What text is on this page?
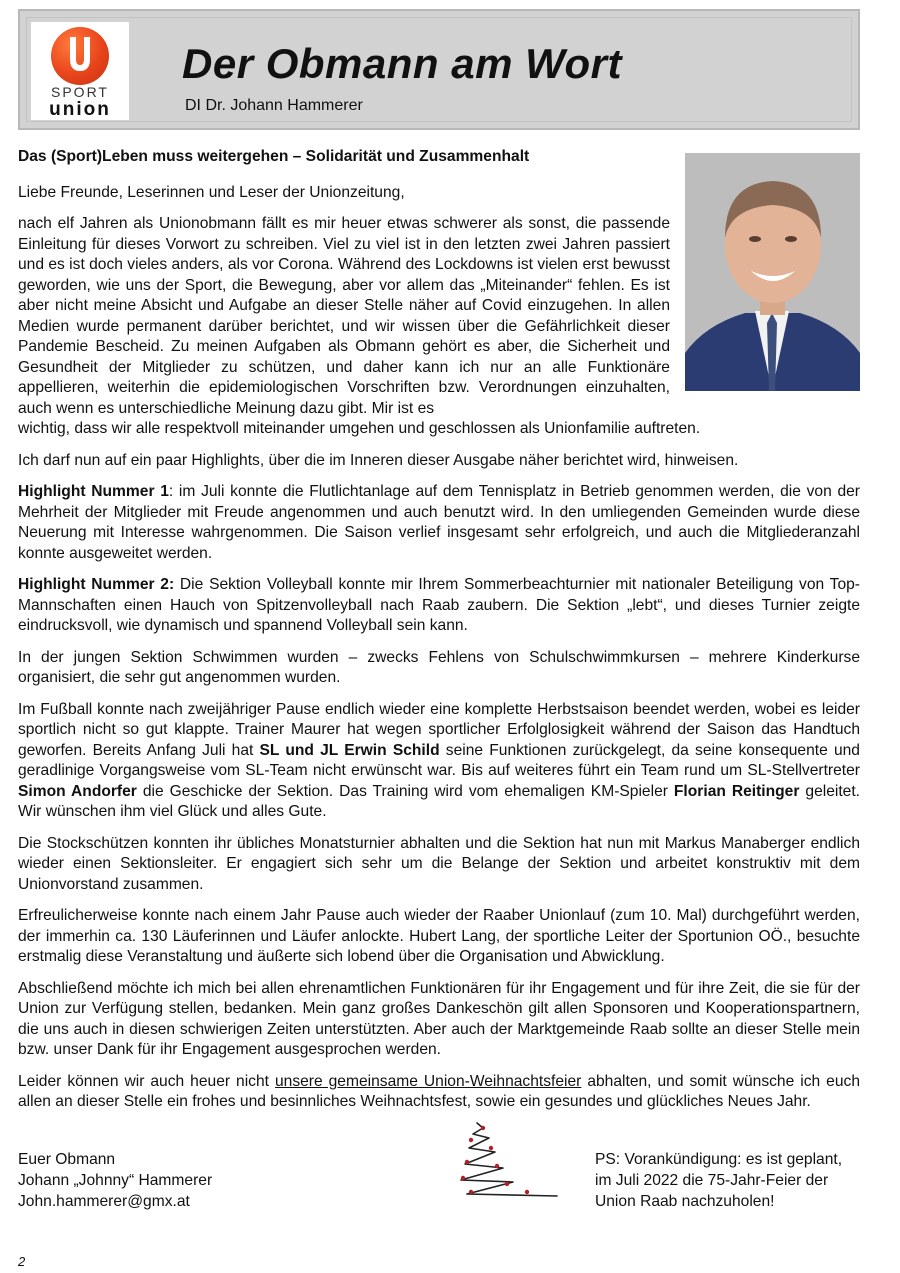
SPORT
union
Der Obmann am Wort
DI Dr. Johann Hammerer

Das (Sport)Leben muss weitergehen – Solidarität und Zusammenhalt

Liebe Freunde, Leserinnen und Leser der Unionzeitung,

nach elf Jahren als Unionobmann fällt es mir heuer etwas schwerer als sonst, die passende Einleitung für dieses Vorwort zu schreiben. Viel zu viel ist in den letzten zwei Jahren passiert und es ist doch vieles anders, als vor Corona. Während des Lockdowns ist vielen erst bewusst geworden, wie uns der Sport, die Bewegung, aber vor allem das „Miteinander“ fehlen. Es ist aber nicht meine Absicht und Aufgabe an dieser Stelle näher auf Covid einzugehen. In allen Medien wurde permanent darüber berichtet, und wir wissen über die Gefährlichkeit dieser Pandemie Bescheid. Zu meinen Aufgaben als Obmann gehört es aber, die Sicherheit und Gesundheit der Mitglieder zu schützen, und daher kann ich nur an alle Funktionäre appellieren, weiterhin die epidemiologischen Vorschriften bzw. Verordnungen einzuhalten, auch wenn es unterschiedliche Meinung dazu gibt. Mir ist es

wichtig, dass wir alle respektvoll miteinander umgehen und geschlossen als Unionfamilie auftreten.

Ich darf nun auf ein paar Highlights, über die im Inneren dieser Ausgabe näher berichtet wird, hinweisen.

Highlight Nummer 1: im Juli konnte die Flutlichtanlage auf dem Tennisplatz in Betrieb genommen werden, die von der Mehrheit der Mitglieder mit Freude angenommen und auch benutzt wird. In den umliegenden Gemeinden wurde diese Neuerung mit Interesse wahrgenommen. Die Saison verlief insgesamt sehr erfolgreich, und auch die Mitgliederanzahl konnte ausgeweitet werden.

Highlight Nummer 2: Die Sektion Volleyball konnte mir Ihrem Sommerbeachturnier mit nationaler Beteiligung von Top-Mannschaften einen Hauch von Spitzenvolleyball nach Raab zaubern. Die Sektion „lebt“, und dieses Turnier zeigte eindrucksvoll, wie dynamisch und spannend Volleyball sein kann.

In der jungen Sektion Schwimmen wurden – zwecks Fehlens von Schulschwimmkursen – mehrere Kinderkurse organisiert, die sehr gut angenommen wurden.

Im Fußball konnte nach zweijähriger Pause endlich wieder eine komplette Herbstsaison beendet werden, wobei es leider sportlich nicht so gut klappte. Trainer Maurer hat wegen sportlicher Erfolglosigkeit während der Saison das Handtuch geworfen. Bereits Anfang Juli hat SL und JL Erwin Schild seine Funktionen zurückgelegt, da seine konsequente und geradlinige Vorgangsweise vom SL-Team nicht erwünscht war. Bis auf weiteres führt ein Team rund um SL-Stellvertreter Simon Andorfer die Geschicke der Sektion. Das Training wird vom ehemaligen KM-Spieler Florian Reitinger geleitet. Wir wünschen ihm viel Glück und alles Gute.

Die Stockschützen konnten ihr übliches Monatsturnier abhalten und die Sektion hat nun mit Markus Manaberger endlich wieder einen Sektionsleiter. Er engagiert sich sehr um die Belange der Sektion und arbeitet konstruktiv mit dem Unionvorstand zusammen.

Erfreulicherweise konnte nach einem Jahr Pause auch wieder der Raaber Unionlauf (zum 10. Mal) durchgeführt werden, der immerhin ca. 130 Läuferinnen und Läufer anlockte. Hubert Lang, der sportliche Leiter der Sportunion OÖ., besuchte erstmalig diese Veranstaltung und äußerte sich lobend über die Organisation und Abwicklung.

Abschließend möchte ich mich bei allen ehrenamtlichen Funktionären für ihr Engagement und für ihre Zeit, die sie für der Union zur Verfügung stellen, bedanken. Mein ganz großes Dankeschön gilt allen Sponsoren und Kooperationspartnern, die uns auch in diesen schwierigen Zeiten unterstützten. Aber auch der Marktgemeinde Raab sollte an dieser Stelle mein bzw. unser Dank für ihr Engagement ausgesprochen werden.

Leider können wir auch heuer nicht unsere gemeinsame Union-Weihnachtsfeier abhalten, und somit wünsche ich euch allen an dieser Stelle ein frohes und besinnliches Weihnachtsfest, sowie ein gesundes und glückliches Neues Jahr.

Euer Obmann
Johann „Johnny“ Hammerer
John.hammerer@gmx.at
PS: Vorankündigung: es ist geplant, im Juli 2022 die 75-Jahr-Feier der Union Raab nachzuholen!
2
